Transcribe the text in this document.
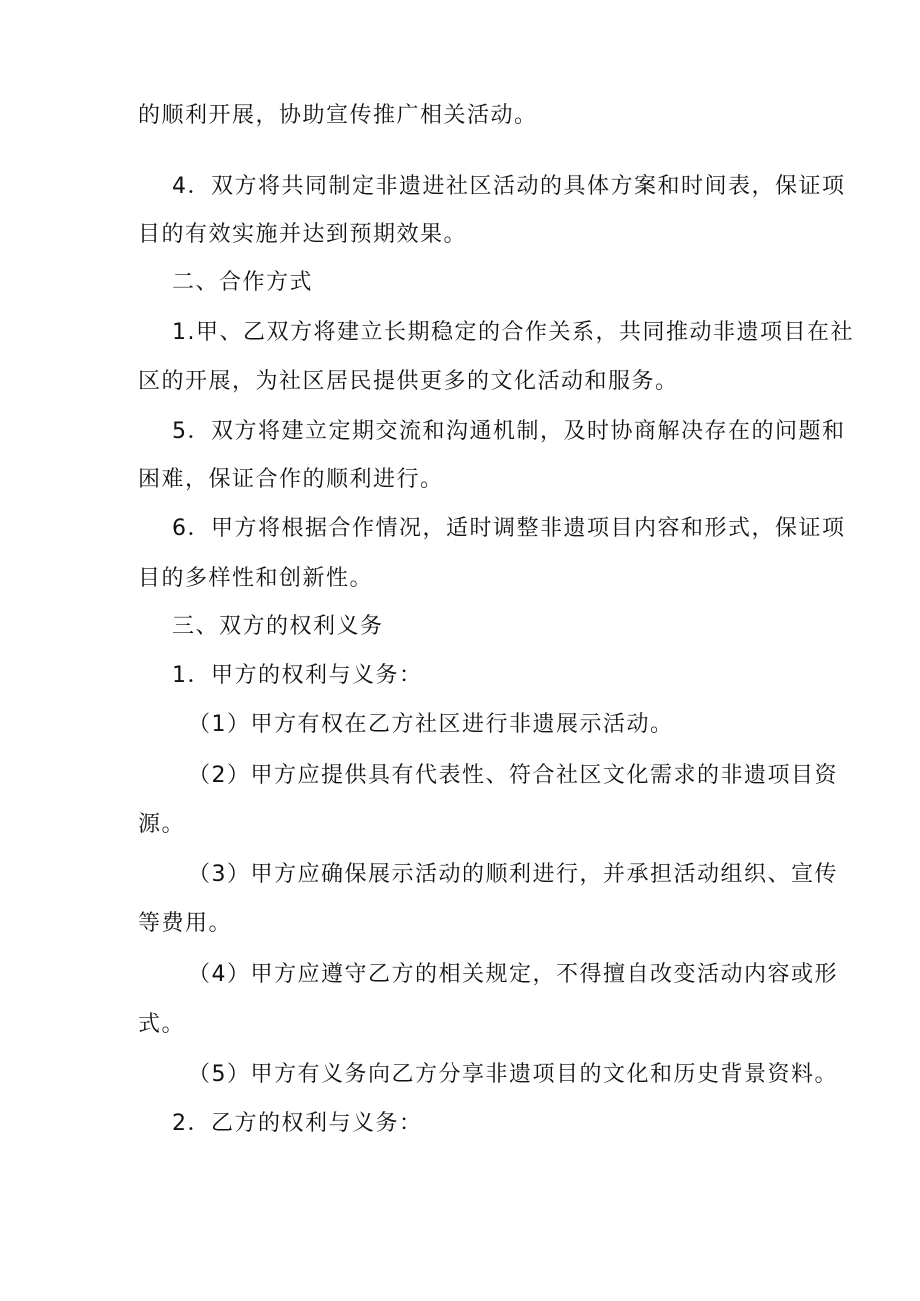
的顺利开展，协助宣传推广相关活动。
4．双方将共同制定非遗进社区活动的具体方案和时间表，保证项
目的有效实施并达到预期效果。
二、合作方式
1.甲、乙双方将建立长期稳定的合作关系，共同推动非遗项目在社
区的开展，为社区居民提供更多的文化活动和服务。
5．双方将建立定期交流和沟通机制，及时协商解决存在的问题和
困难，保证合作的顺利进行。
6．甲方将根据合作情况，适时调整非遗项目内容和形式，保证项
目的多样性和创新性。
三、双方的权利义务
1．甲方的权利与义务：
（1）甲方有权在乙方社区进行非遗展示活动。
（2）甲方应提供具有代表性、符合社区文化需求的非遗项目资
源。
（3）甲方应确保展示活动的顺利进行，并承担活动组织、宣传
等费用。
（4）甲方应遵守乙方的相关规定，不得擅自改变活动内容或形
式。
（5）甲方有义务向乙方分享非遗项目的文化和历史背景资料。
2．乙方的权利与义务：
